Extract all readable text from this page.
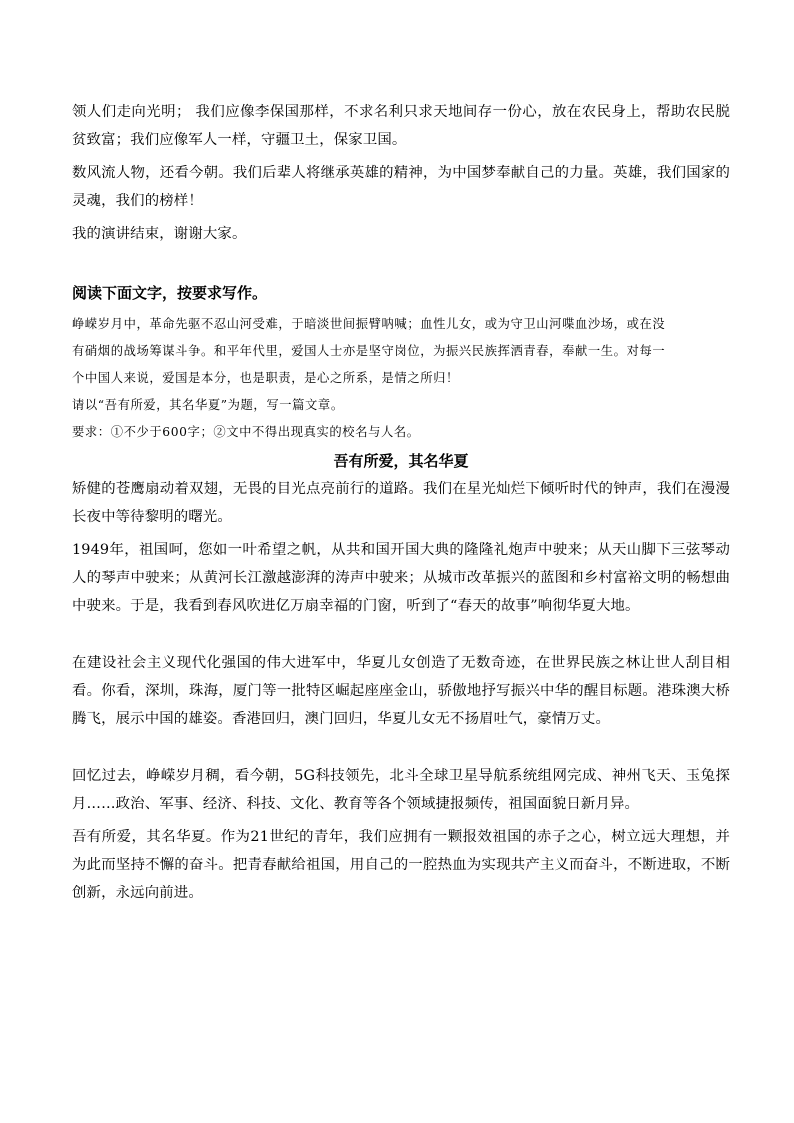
领人们走向光明； 我们应像李保国那样，不求名利只求天地间存一份心，放在农民身上，帮助农民脱贫致富；我们应像军人一样，守疆卫土，保家卫国。

数风流人物，还看今朝。我们后辈人将继承英雄的精神，为中国梦奉献自己的力量。英雄，我们国家的灵魂，我们的榜样！

我的演讲结束，谢谢大家。

阅读下面文字，按要求写作。

峥嵘岁月中，革命先驱不忍山河受难，于暗淡世间振臂呐喊；血性儿女，或为守卫山河喋血沙场，或在没

有硝烟的战场筹谋斗争。和平年代里，爱国人士亦是坚守岗位，为振兴民族挥洒青春，奉献一生。对每一

个中国人来说，爱国是本分，也是职责，是心之所系，是情之所归！

请以“吾有所爱，其名华夏”为题，写一篇文章。

要求：①不少于600字；②文中不得出现真实的校名与人名。

吾有所爱，其名华夏

矫健的苍鹰扇动着双翅，无畏的目光点亮前行的道路。我们在星光灿烂下倾听时代的钟声，我们在漫漫长夜中等待黎明的曙光。

1949年，祖国呵，您如一叶希望之帆，从共和国开国大典的隆隆礼炮声中驶来；从天山脚下三弦琴动人的琴声中驶来；从黄河长江激越澎湃的涛声中驶来；从城市改革振兴的蓝图和乡村富裕文明的畅想曲中驶来。于是，我看到春风吹进亿万扇幸福的门窗，听到了“春天的故事”响彻华夏大地。

在建设社会主义现代化强国的伟大进军中，华夏儿女创造了无数奇迹，在世界民族之林让世人刮目相看。你看，深圳，珠海，厦门等一批特区崛起座座金山，骄傲地抒写振兴中华的醒目标题。港珠澳大桥腾飞，展示中国的雄姿。香港回归，澳门回归，华夏儿女无不扬眉吐气，豪情万丈。

回忆过去，峥嵘岁月稠，看今朝，5G科技领先，北斗全球卫星导航系统组网完成、神州飞天、玉兔探月……政治、军事、经济、科技、文化、教育等各个领域捷报频传，祖国面貌日新月异。

吾有所爱，其名华夏。作为21世纪的青年，我们应拥有一颗报效祖国的赤子之心，树立远大理想，并为此而坚持不懈的奋斗。把青春献给祖国，用自己的一腔热血为实现共产主义而奋斗，不断进取，不断创新，永远向前进。
